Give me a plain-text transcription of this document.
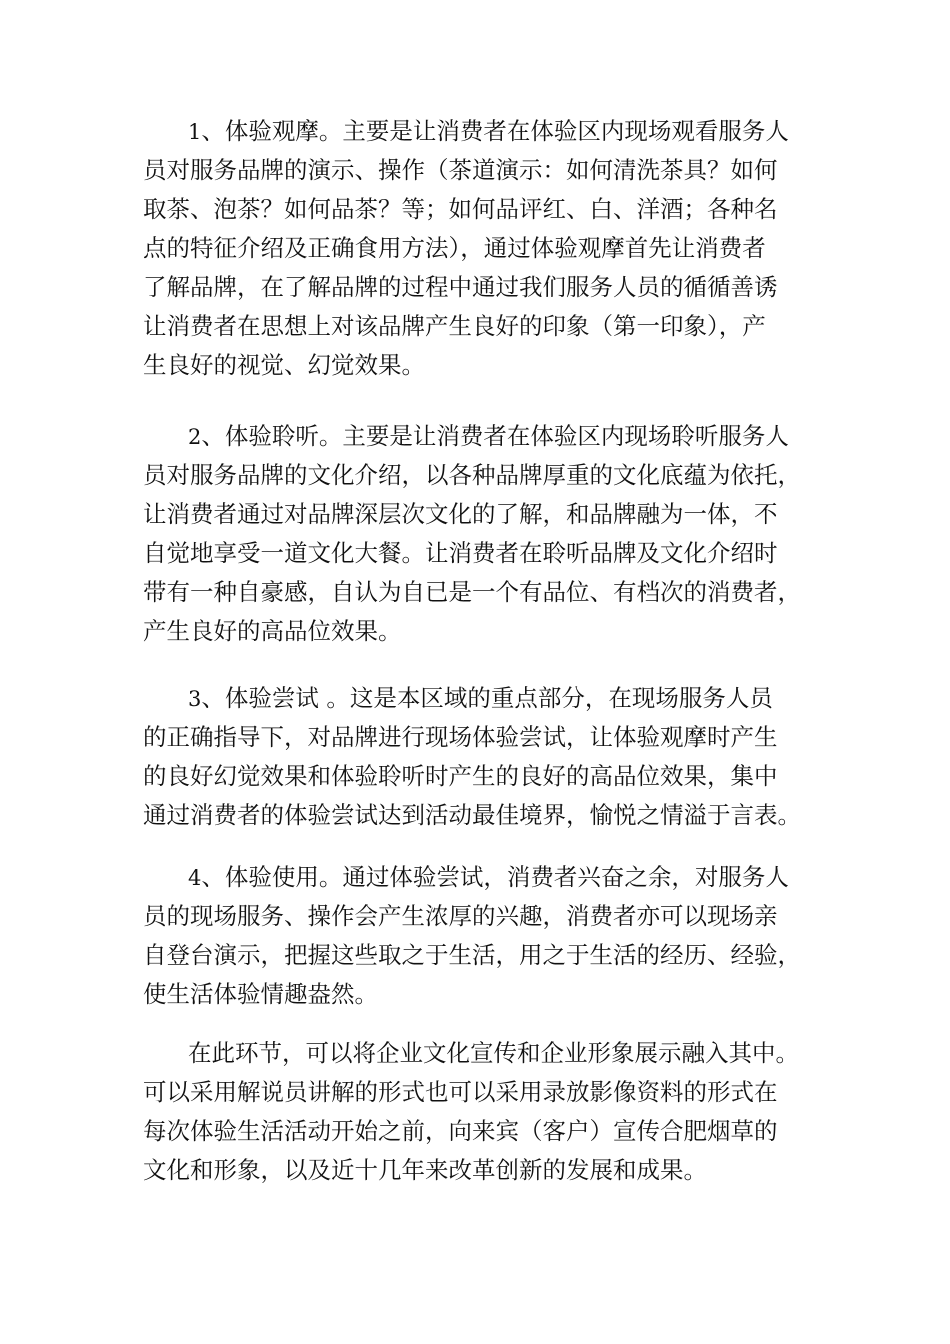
1、体验观摩。主要是让消费者在体验区内现场观看服务人
员对服务品牌的演示、操作（茶道演示：如何清洗茶具？如何
取茶、泡茶？如何品茶？等；如何品评红、白、洋酒；各种名
点的特征介绍及正确食用方法），通过体验观摩首先让消费者
了解品牌，在了解品牌的过程中通过我们服务人员的循循善诱
让消费者在思想上对该品牌产生良好的印象（第一印象），产
生良好的视觉、幻觉效果。

2、体验聆听。主要是让消费者在体验区内现场聆听服务人
员对服务品牌的文化介绍，以各种品牌厚重的文化底蕴为依托，
让消费者通过对品牌深层次文化的了解，和品牌融为一体，不
自觉地享受一道文化大餐。让消费者在聆听品牌及文化介绍时
带有一种自豪感，自认为自已是一个有品位、有档次的消费者，
产生良好的高品位效果。

3、体验尝试 。这是本区域的重点部分，在现场服务人员
的正确指导下，对品牌进行现场体验尝试，让体验观摩时产生
的良好幻觉效果和体验聆听时产生的良好的高品位效果，集中
通过消费者的体验尝试达到活动最佳境界，愉悦之情溢于言表。

4、体验使用。通过体验尝试，消费者兴奋之余，对服务人
员的现场服务、操作会产生浓厚的兴趣，消费者亦可以现场亲
自登台演示，把握这些取之于生活，用之于生活的经历、经验，
使生活体验情趣盎然。

在此环节，可以将企业文化宣传和企业形象展示融入其中。
可以采用解说员讲解的形式也可以采用录放影像资料的形式在
每次体验生活活动开始之前，向来宾（客户）宣传合肥烟草的
文化和形象，以及近十几年来改革创新的发展和成果。
